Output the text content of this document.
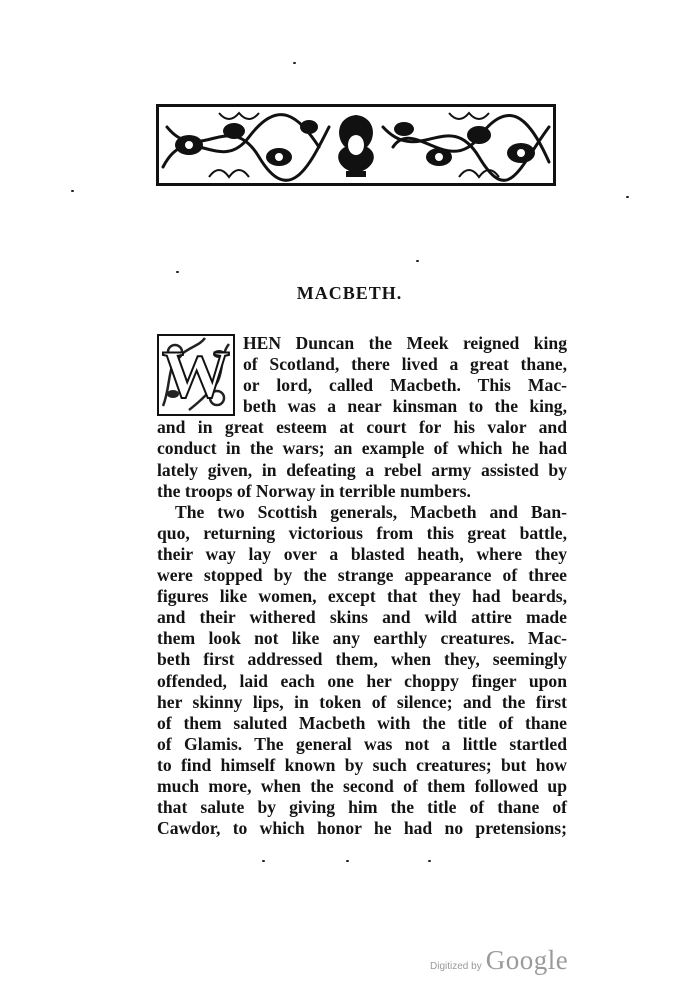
MACBETH.
W HEN Duncan the Meek reigned king
of Scotland, there lived a great thane,
or lord, called Macbeth. This Mac-
beth was a near kinsman to the king,
and in great esteem at court for his valor and
conduct in the wars; an example of which he had
lately given, in defeating a rebel army assisted by
the troops of Norway in terrible numbers.
The two Scottish generals, Macbeth and Ban-
quo, returning victorious from this great battle,
their way lay over a blasted heath, where they
were stopped by the strange appearance of three
figures like women, except that they had beards,
and their withered skins and wild attire made
them look not like any earthly creatures. Mac-
beth first addressed them, when they, seemingly
offended, laid each one her choppy finger upon
her skinny lips, in token of silence; and the first
of them saluted Macbeth with the title of thane
of Glamis. The general was not a little startled
to find himself known by such creatures; but how
much more, when the second of them followed up
that salute by giving him the title of thane of
Cawdor, to which honor he had no pretensions;
Digitized by Google
